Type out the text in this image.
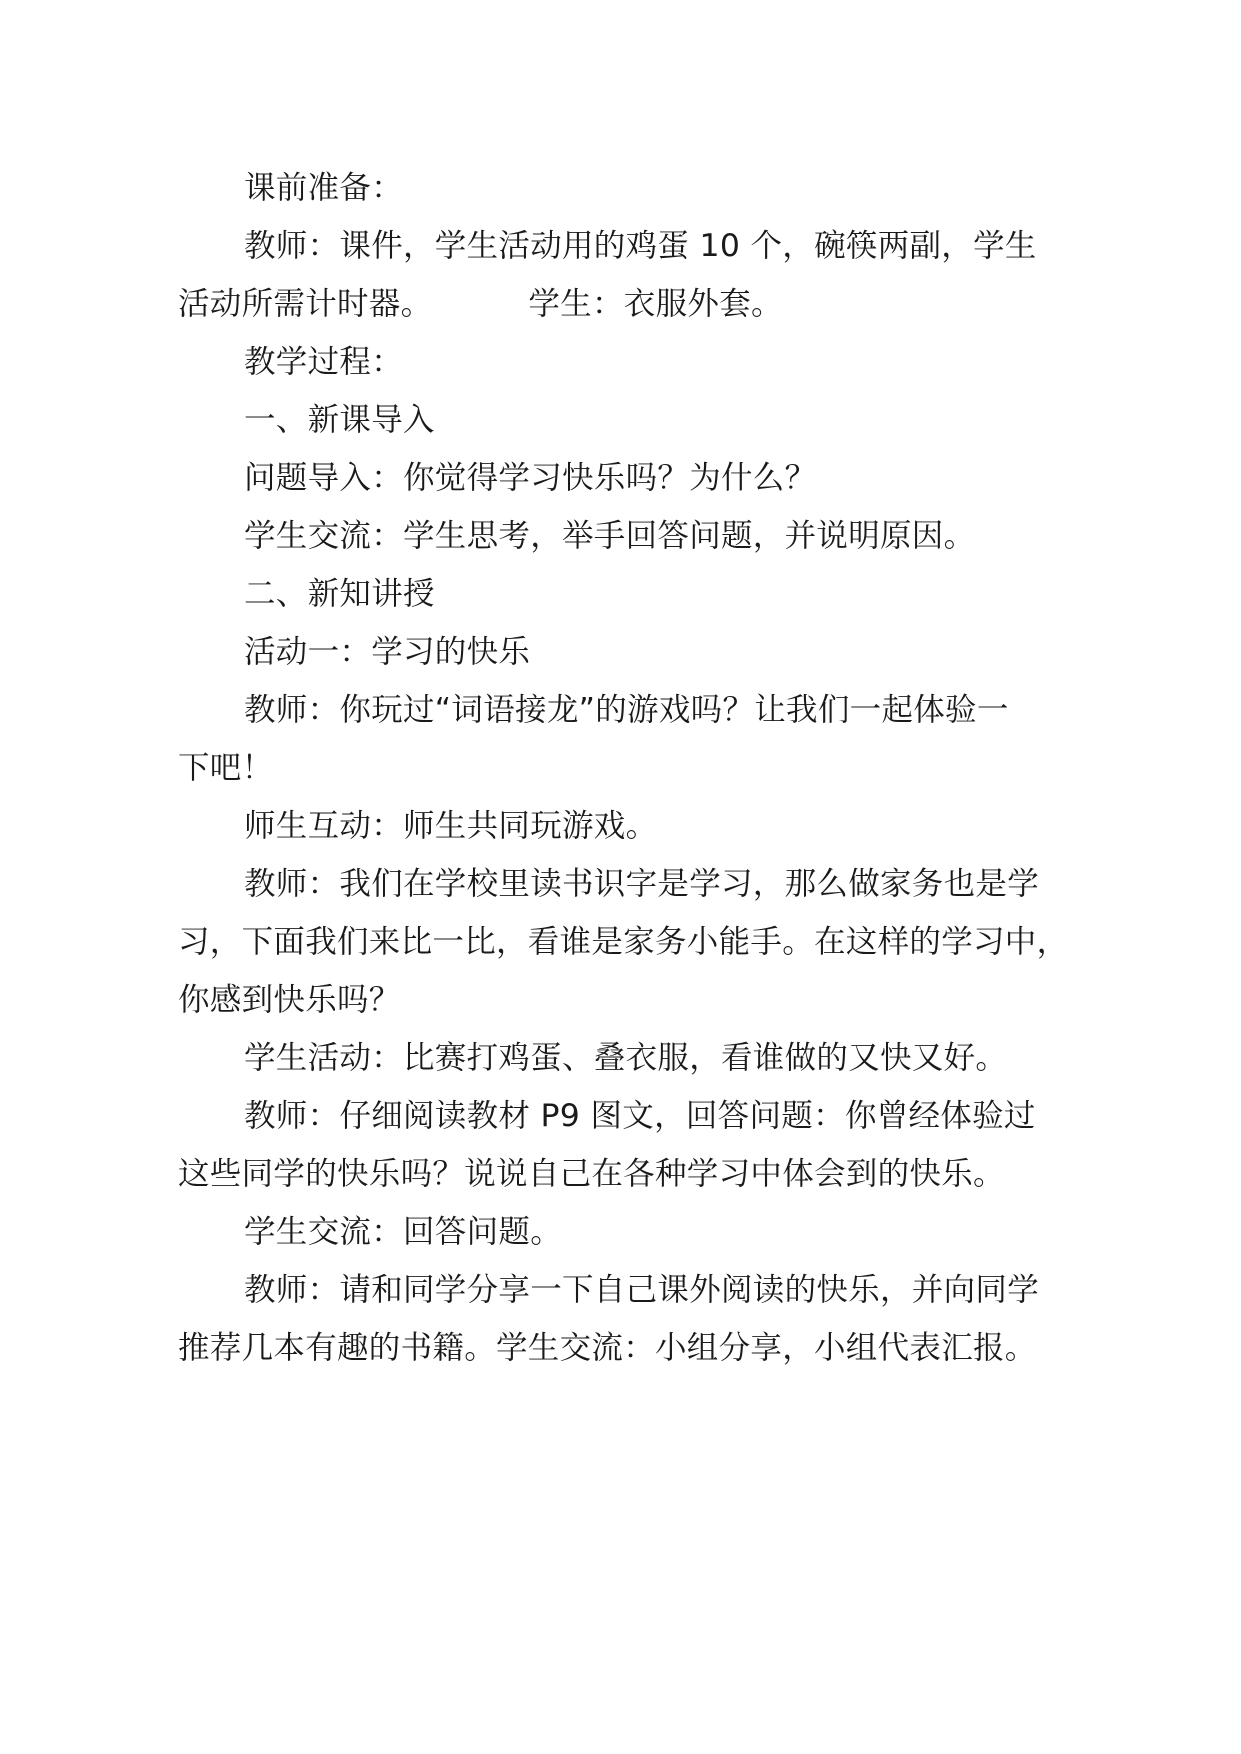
课前准备：
教师：课件，学生活动用的鸡蛋 10 个，碗筷两副，学生
活动所需计时器。	学生：衣服外套。
教学过程：
一、新课导入
问题导入：你觉得学习快乐吗？为什么？
学生交流：学生思考，举手回答问题，并说明原因。
二、新知讲授
活动一：学习的快乐
教师：你玩过“词语接龙”的游戏吗？让我们一起体验一
下吧！
师生互动：师生共同玩游戏。
教师：我们在学校里读书识字是学习，那么做家务也是学
习，下面我们来比一比，看谁是家务小能手。在这样的学习中，
你感到快乐吗？
学生活动：比赛打鸡蛋、叠衣服，看谁做的又快又好。
教师：仔细阅读教材 P9 图文，回答问题：你曾经体验过
这些同学的快乐吗？说说自己在各种学习中体会到的快乐。
学生交流：回答问题。
教师：请和同学分享一下自己课外阅读的快乐，并向同学
推荐几本有趣的书籍。学生交流：小组分享，小组代表汇报。
